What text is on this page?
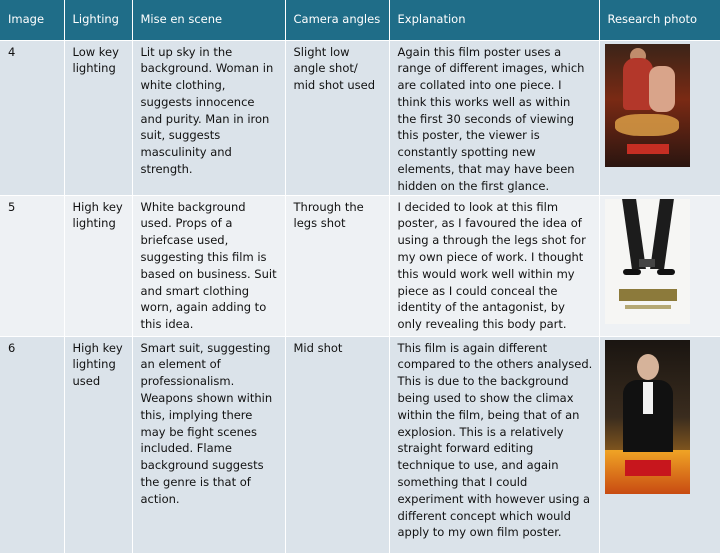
Image	Lighting	Mise en scene	Camera angles	Explanation	Research photo
4	Low key lighting	Lit up sky in the background. Woman in white clothing, suggests innocence and purity. Man in iron suit, suggests masculinity and strength.	Slight low angle shot/ mid shot used	Again this film poster uses a range of different images, which are collated into one piece. I think this works well as within the first 30 seconds of viewing this poster, the viewer is constantly spotting new elements, that may have been hidden on the first glance.	

5	High key lighting	White background used. Props of a briefcase used, suggesting this film is based on business. Suit and smart clothing worn, again adding to this idea.	Through the legs shot	I decided to look at this film poster, as I favoured the idea of using a through the legs shot for my own piece of work. I thought this would work well within my piece as I could conceal the identity of the antagonist, by only revealing this body part.	

6	High key lighting used	Smart suit, suggesting an element of professionalism. Weapons shown within this, implying there may be fight scenes included. Flame background suggests the genre is that of action.	Mid shot	This film is again different compared to the others analysed. This is due to the background being used to show the climax within the film, being that of an explosion. This is a relatively straight forward editing technique to use, and again something that I could experiment with however using a different concept which would apply to my own film poster.	
